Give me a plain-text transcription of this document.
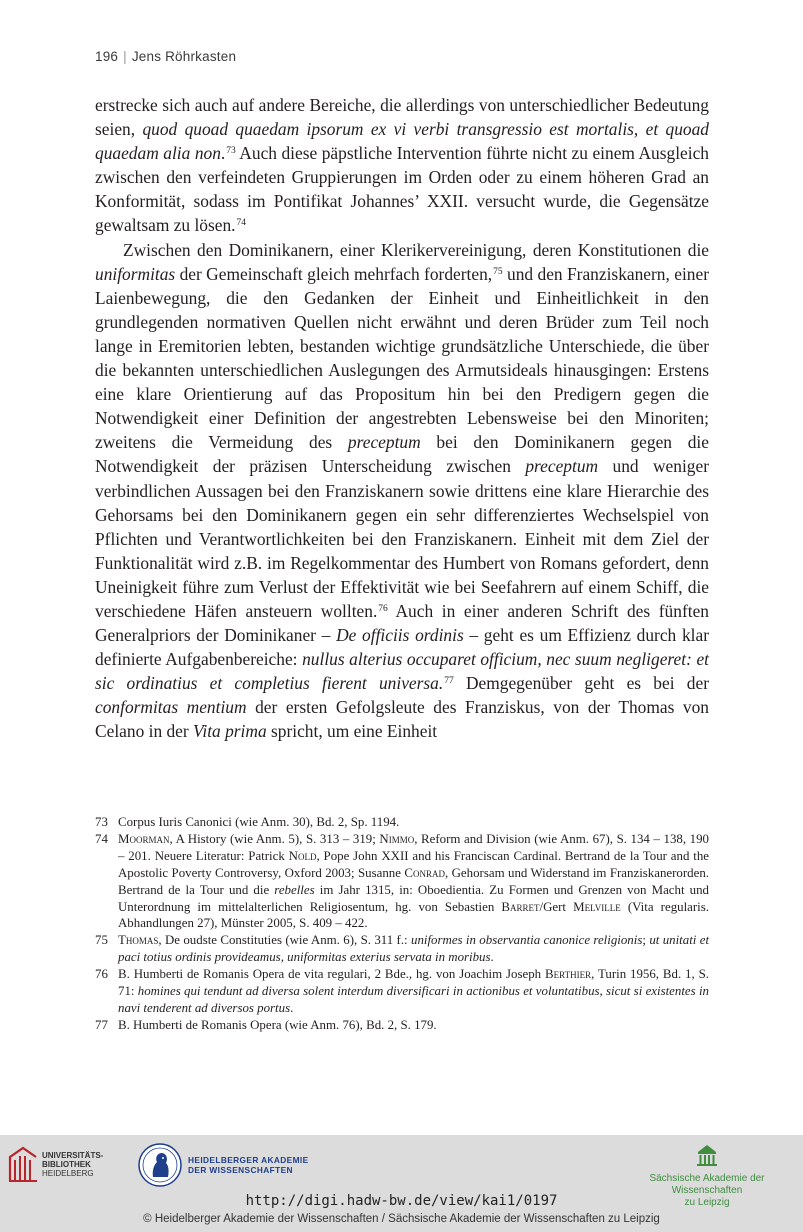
196 | Jens Röhrkasten

erstrecke sich auch auf andere Bereiche, die allerdings von unterschiedlicher Bedeutung seien, quod quoad quaedam ipsorum ex vi verbi transgressio est mortalis, et quoad quaedam alia non.$^{73}$ Auch diese päpstliche Intervention führte nicht zu einem Ausgleich zwischen den verfeindeten Gruppierungen im Orden oder zu einem höheren Grad an Konformität, sodass im Pontifikat Johannes’ XXII. versucht wurde, die Gegensätze gewaltsam zu lösen.$^{74}$

Zwischen den Dominikanern, einer Klerikervereinigung, deren Konstitutionen die uniformitas der Gemeinschaft gleich mehrfach forderten,$^{75}$ und den Franziskanern, einer Laienbewegung, die den Gedanken der Einheit und Einheitlichkeit in den grundlegenden normativen Quellen nicht erwähnt und deren Brüder zum Teil noch lange in Eremitorien lebten, bestanden wichtige grundsätzliche Unterschiede, die über die bekannten unterschiedlichen Auslegungen des Armutsideals hinausgingen: Erstens eine klare Orientierung auf das Propositum hin bei den Predigern gegen die Notwendigkeit einer Definition der angestrebten Lebensweise bei den Minoriten; zweitens die Vermeidung des preceptum bei den Dominikanern gegen die Notwendigkeit der präzisen Unterscheidung zwischen preceptum und weniger verbindlichen Aussagen bei den Franziskanern sowie drittens eine klare Hierarchie des Gehorsams bei den Dominikanern gegen ein sehr differenziertes Wechselspiel von Pflichten und Verantwortlichkeiten bei den Franziskanern. Einheit mit dem Ziel der Funktionalität wird z.B. im Regelkommentar des Humbert von Romans gefordert, denn Uneinigkeit führe zum Verlust der Effektivität wie bei Seefahrern auf einem Schiff, die verschiedene Häfen ansteuern wollten.$^{76}$ Auch in einer anderen Schrift des fünften Generalpriors der Dominikaner – De officiis ordinis – geht es um Effizienz durch klar definierte Aufgabenbereiche: nullus alterius occuparet officium, nec suum negligeret: et sic ordinatius et completius fierent universa.$^{77}$ Demgegenüber geht es bei der conformitas mentium der ersten Gefolgsleute des Franziskus, von der Thomas von Celano in der Vita prima spricht, um eine Einheit

73 Corpus Iuris Canonici (wie Anm. 30), Bd. 2, Sp. 1194.
74 Moorman, A History (wie Anm. 5), S. 313 – 319; Nimmo, Reform and Division (wie Anm. 67), S. 134 – 138, 190 – 201. Neuere Literatur: Patrick Nold, Pope John XXII and his Franciscan Cardinal. Bertrand de la Tour and the Apostolic Poverty Controversy, Oxford 2003; Susanne Conrad, Gehorsam und Widerstand im Franziskanerorden. Bertrand de la Tour und die rebelles im Jahr 1315, in: Oboedientia. Zu Formen und Grenzen von Macht und Unterordnung im mittelalterlichen Religiosentum, hg. von Sebastien Barret/Gert Melville (Vita regularis. Abhandlungen 27), Münster 2005, S. 409 – 422.
75 Thomas, De oudste Constituties (wie Anm. 6), S. 311 f.: uniformes in observantia canonice religionis; ut unitati et paci totius ordinis provideamus, uniformitas exterius servata in moribus.
76 B. Humberti de Romanis Opera de vita regulari, 2 Bde., hg. von Joachim Joseph Berthier, Turin 1956, Bd. 1, S. 71: homines qui tendunt ad diversa solent interdum diversificari in actionibus et voluntatibus, sicut si existentes in navi tenderent ad diversos portus.
77 B. Humberti de Romanis Opera (wie Anm. 76), Bd. 2, S. 179.
UNIVERSITÄTS-
BIBLIOTHEK
HEIDELBERG
HEIDELBERGER AKADEMIE
DER WISSENSCHAFTEN
Sächsische Akademie der Wissenschaften
zu Leipzig
http://digi.hadw-bw.de/view/kai1/0197
© Heidelberger Akademie der Wissenschaften / Sächsische Akademie der Wissenschaften zu Leipzig
